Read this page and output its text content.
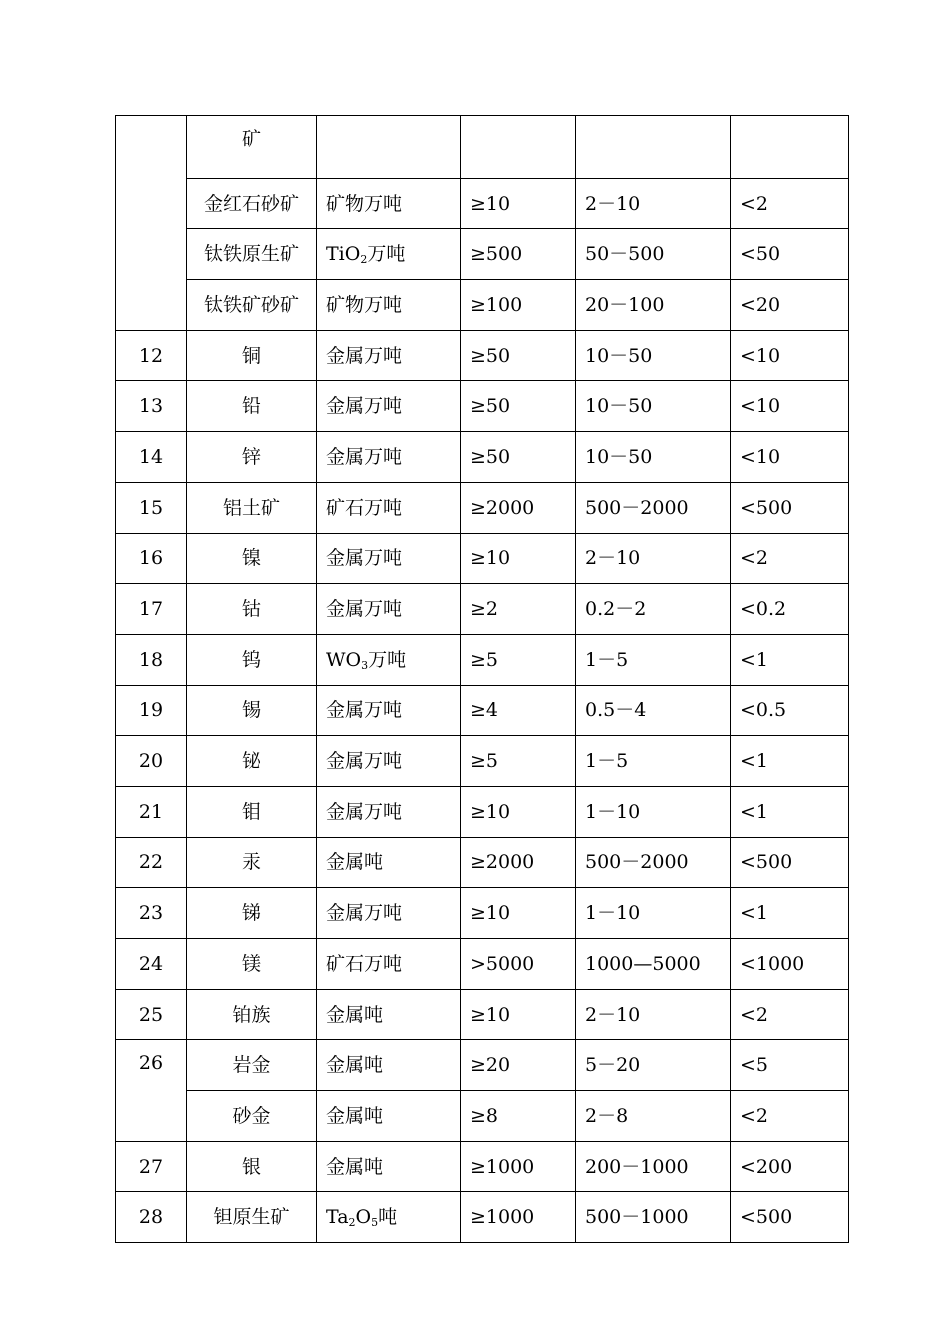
	矿				
	金红石砂矿	矿物万吨	≥10	2－10	<2
	钛铁原生矿	TiO$_2$万吨	≥500	50－500	<50
	钛铁矿砂矿	矿物万吨	≥100	20－100	<20
12	铜	金属万吨	≥50	10－50	<10
13	铅	金属万吨	≥50	10－50	<10
14	锌	金属万吨	≥50	10－50	<10
15	铝土矿	矿石万吨	≥2000	500－2000	<500
16	镍	金属万吨	≥10	2－10	<2
17	钴	金属万吨	≥2	0.2－2	<0.2
18	钨	$WO_3$万吨	≥5	1－5	<1
19	锡	金属万吨	≥4	0.5－4	<0.5
20	铋	金属万吨	≥5	1－5	<1
21	钼	金属万吨	≥10	1－10	<1
22	汞	金属吨	≥2000	500－2000	<500
23	锑	金属万吨	≥10	1－10	<1
24	镁	矿石万吨	>5000	1000—5000	<1000
25	铂族	金属吨	≥10	2－10	<2
26	岩金	金属吨	≥20	5－20	<5
	砂金	金属吨	≥8	2－8	<2
27	银	金属吨	≥1000	200－1000	<200
28	钽原生矿	$Ta_2O_5$吨	≥1000	500－1000	<500
